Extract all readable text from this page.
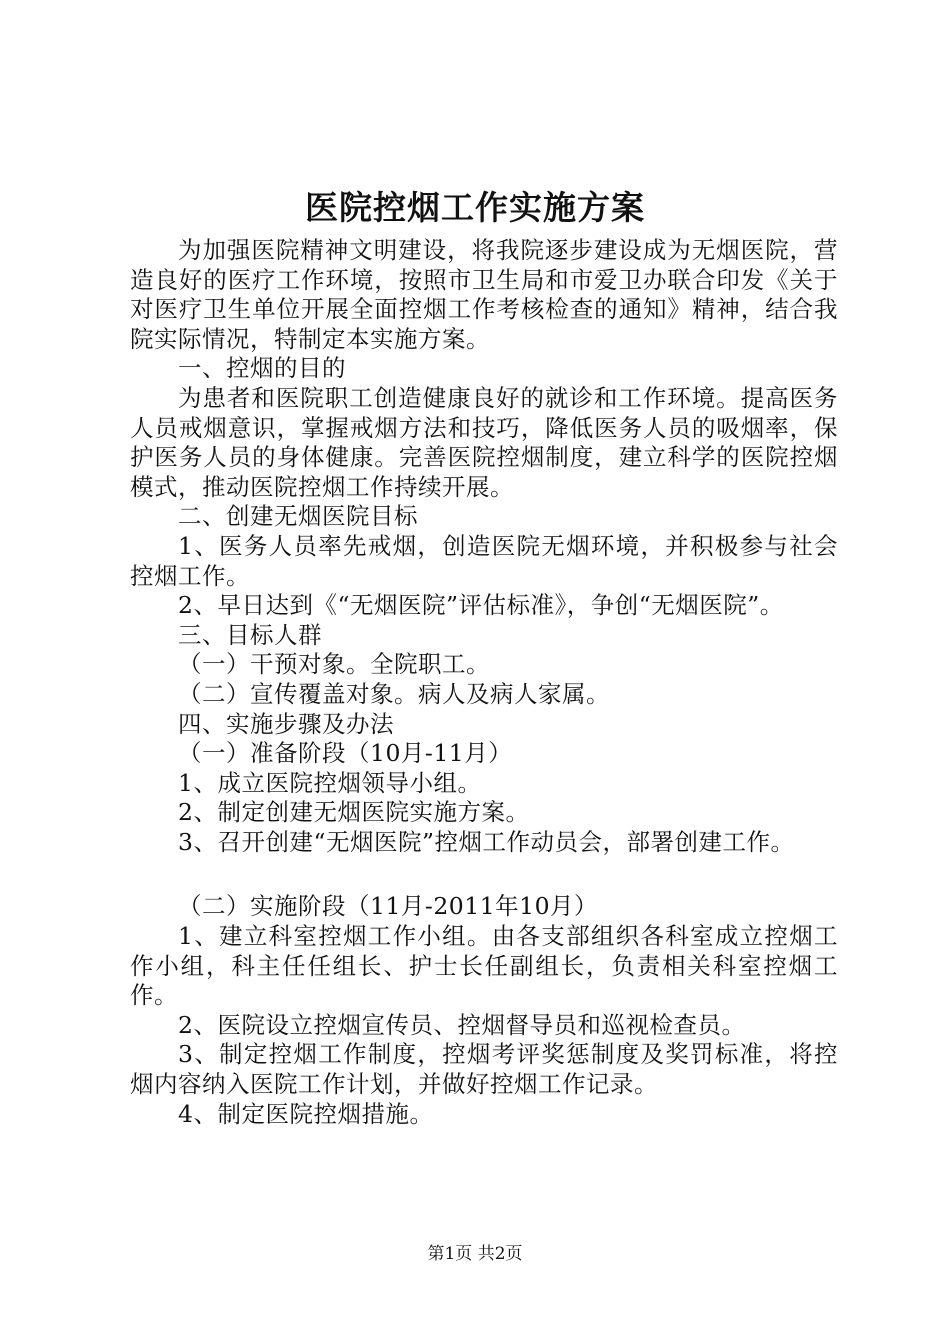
医院控烟工作实施方案

为加强医院精神文明建设，将我院逐步建设成为无烟医院，营造良好的医疗工作环境，按照市卫生局和市爱卫办联合印发《关于对医疗卫生单位开展全面控烟工作考核检查的通知》精神，结合我院实际情况，特制定本实施方案。

一、控烟的目的

为患者和医院职工创造健康良好的就诊和工作环境。提高医务人员戒烟意识，掌握戒烟方法和技巧，降低医务人员的吸烟率，保护医务人员的身体健康。完善医院控烟制度，建立科学的医院控烟模式，推动医院控烟工作持续开展。

二、创建无烟医院目标

1、医务人员率先戒烟，创造医院无烟环境，并积极参与社会控烟工作。

2、早日达到《“无烟医院”评估标准》，争创“无烟医院”。

三、目标人群

（一）干预对象。全院职工。

（二）宣传覆盖对象。病人及病人家属。

四、实施步骤及办法

（一）准备阶段（10月-11月）

1、成立医院控烟领导小组。

2、制定创建无烟医院实施方案。

3、召开创建“无烟医院”控烟工作动员会，部署创建工作。

（二）实施阶段（11月-2011年10月）

1、建立科室控烟工作小组。由各支部组织各科室成立控烟工作小组，科主任任组长、护士长任副组长，负责相关科室控烟工作。

2、医院设立控烟宣传员、控烟督导员和巡视检查员。

3、制定控烟工作制度，控烟考评奖惩制度及奖罚标准，将控烟内容纳入医院工作计划，并做好控烟工作记录。

4、制定医院控烟措施。

第1页 共2页
